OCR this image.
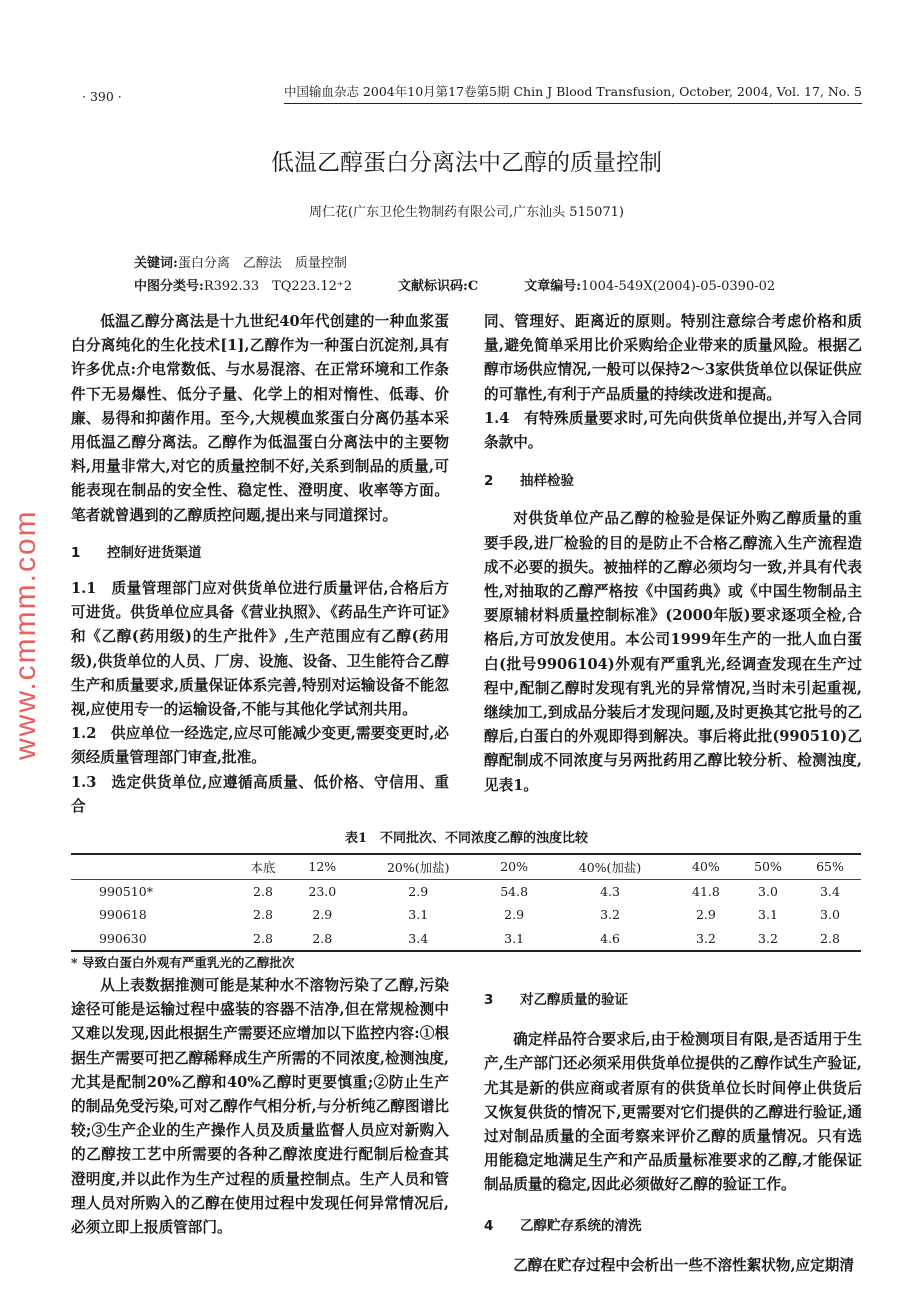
· 390 ·	中国输血杂志 2004年10月第17卷第5期 Chin J Blood Transfusion, October, 2004, Vol. 17, No. 5
低温乙醇蛋白分离法中乙醇的质量控制
周仁花(广东卫伦生物制药有限公司,广东汕头 515071)
关键词:蛋白分离　乙醇法　质量控制
中图分类号:R392.33　TQ223.12⁺2	文献标识码:C	文章编号:1004-549X(2004)-05-0390-02

低温乙醇分离法是十九世纪40年代创建的一种血浆蛋白分离纯化的生化技术[1],乙醇作为一种蛋白沉淀剂,具有许多优点:介电常数低、与水易混溶、在正常环境和工作条件下无易爆性、低分子量、化学上的相对惰性、低毒、价廉、易得和抑菌作用。至今,大规模血浆蛋白分离仍基本采用低温乙醇分离法。乙醇作为低温蛋白分离法中的主要物料,用量非常大,对它的质量控制不好,关系到制品的质量,可能表现在制品的安全性、稳定性、澄明度、收率等方面。笔者就曾遇到的乙醇质控问题,提出来与同道探讨。

1 控制好进货渠道

1.1 质量管理部门应对供货单位进行质量评估,合格后方可进货。供货单位应具备《营业执照》、《药品生产许可证》和《乙醇(药用级)的生产批件》,生产范围应有乙醇(药用级),供货单位的人员、厂房、设施、设备、卫生能符合乙醇生产和质量要求,质量保证体系完善,特别对运输设备不能忽视,应使用专一的运输设备,不能与其他化学试剂共用。

1.2 供应单位一经选定,应尽可能减少变更,需要变更时,必须经质量管理部门审查,批准。

1.3 选定供货单位,应遵循高质量、低价格、守信用、重合

同、管理好、距离近的原则。特别注意综合考虑价格和质量,避免简单采用比价采购给企业带来的质量风险。根据乙醇市场供应情况,一般可以保持2～3家供货单位以保证供应的可靠性,有利于产品质量的持续改进和提高。

1.4 有特殊质量要求时,可先向供货单位提出,并写入合同条款中。

2 抽样检验

对供货单位产品乙醇的检验是保证外购乙醇质量的重要手段,进厂检验的目的是防止不合格乙醇流入生产流程造成不必要的损失。被抽样的乙醇必须均匀一致,并具有代表性,对抽取的乙醇严格按《中国药典》或《中国生物制品主要原辅材料质量控制标准》(2000年版)要求逐项全检,合格后,方可放发使用。本公司1999年生产的一批人血白蛋白(批号9906104)外观有严重乳光,经调查发现在生产过程中,配制乙醇时发现有乳光的异常情况,当时未引起重视,继续加工,到成品分装后才发现问题,及时更换其它批号的乙醇后,白蛋白的外观即得到解决。事后将此批(990510)乙醇配制成不同浓度与另两批药用乙醇比较分析、检测浊度,见表1。

表1　不同批次、不同浓度乙醇的浊度比较
	本底	12%	20%(加盐)	20%	40%(加盐)	40%	50%	65%
990510*	2.8	23.0	2.9	54.8	4.3	41.8	3.0	3.4
990618	2.8	2.9	3.1	2.9	3.2	2.9	3.1	3.0
990630	2.8	2.8	3.4	3.1	4.6	3.2	3.2	2.8
* 导致白蛋白外观有严重乳光的乙醇批次

从上表数据推测可能是某种水不溶物污染了乙醇,污染途径可能是运输过程中盛装的容器不洁净,但在常规检测中又难以发现,因此根据生产需要还应增加以下监控内容:①根据生产需要可把乙醇稀释成生产所需的不同浓度,检测浊度,尤其是配制20%乙醇和40%乙醇时更要慎重;②防止生产的制品免受污染,可对乙醇作气相分析,与分析纯乙醇图谱比较;③生产企业的生产操作人员及质量监督人员应对新购入的乙醇按工艺中所需要的各种乙醇浓度进行配制后检查其澄明度,并以此作为生产过程的质量控制点。生产人员和管理人员对所购入的乙醇在使用过程中发现任何异常情况后,必须立即上报质管部门。

3 对乙醇质量的验证

确定样品符合要求后,由于检测项目有限,是否适用于生产,生产部门还必须采用供货单位提供的乙醇作试生产验证,尤其是新的供应商或者原有的供货单位长时间停止供货后又恢复供货的情况下,更需要对它们提供的乙醇进行验证,通过对制品质量的全面考察来评价乙醇的质量情况。只有选用能稳定地满足生产和产品质量标准要求的乙醇,才能保证制品质量的稳定,因此必须做好乙醇的验证工作。

4 乙醇贮存系统的清洗

乙醇在贮存过程中会析出一些不溶性絮状物,应定期清

www.cmmm.com
